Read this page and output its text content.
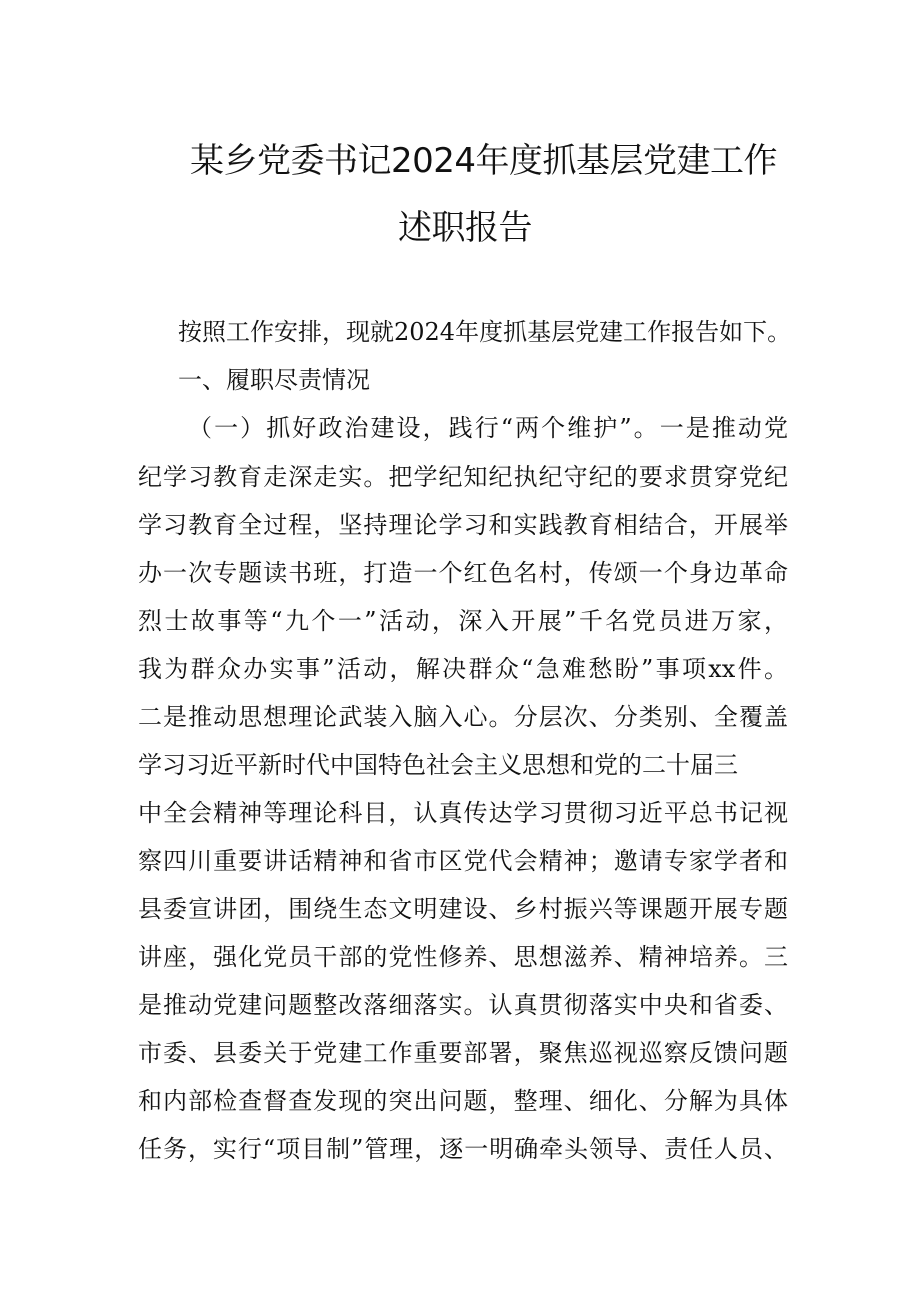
某乡党委书记2024年度抓基层党建工作
述职报告
按照工作安排，现就2024年度抓基层党建工作报告如下。
一、履职尽责情况
（一）抓好政治建设，践行“两个维护”。一是推动党
纪学习教育走深走实。把学纪知纪执纪守纪的要求贯穿党纪
学习教育全过程，坚持理论学习和实践教育相结合，开展举
办一次专题读书班，打造一个红色名村，传颂一个身边革命
烈士故事等“九个一”活动，深入开展”千名党员进万家，
我为群众办实事”活动，解决群众“急难愁盼”事项xx件。
二是推动思想理论武装入脑入心。分层次、分类别、全覆盖
学习习近平新时代中国特色社会主义思想和党的二十届三
中全会精神等理论科目，认真传达学习贯彻习近平总书记视
察四川重要讲话精神和省市区党代会精神；邀请专家学者和
县委宣讲团，围绕生态文明建设、乡村振兴等课题开展专题
讲座，强化党员干部的党性修养、思想滋养、精神培养。三
是推动党建问题整改落细落实。认真贯彻落实中央和省委、
市委、县委关于党建工作重要部署，聚焦巡视巡察反馈问题
和内部检查督查发现的突出问题，整理、细化、分解为具体
任务，实行“项目制”管理，逐一明确牵头领导、责任人员、
